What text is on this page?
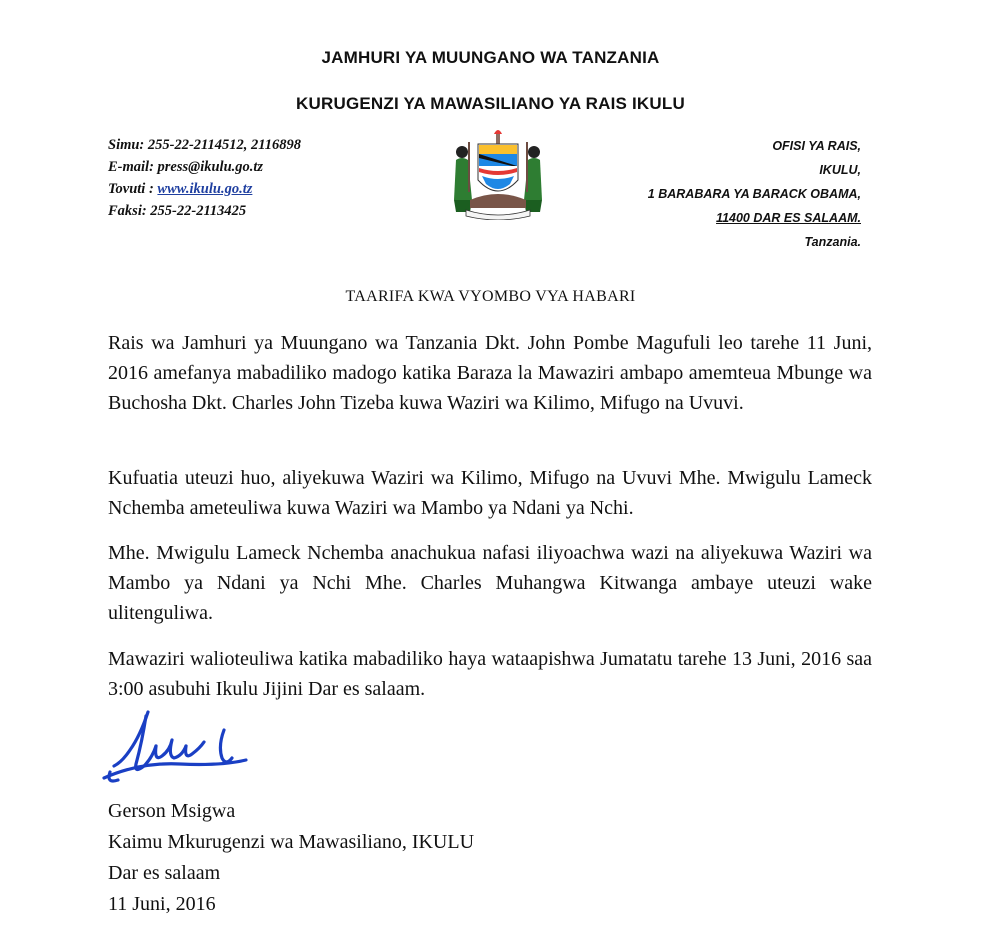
JAMHURI YA MUUNGANO WA TANZANIA
KURUGENZI YA MAWASILIANO YA RAIS IKULU
Simu: 255-22-2114512, 2116898
E-mail: press@ikulu.go.tz
Tovuti : www.ikulu.go.tz
Faksi: 255-22-2113425
OFISI YA RAIS,
IKULU,
1 BARABARA YA BARACK OBAMA,
11400 DAR ES SALAAM.
Tanzania.
TAARIFA KWA VYOMBO VYA HABARI

Rais wa Jamhuri ya Muungano wa Tanzania Dkt. John Pombe Magufuli leo tarehe 11 Juni, 2016 amefanya mabadiliko madogo katika Baraza la Mawaziri ambapo amemteua Mbunge wa Buchosha Dkt. Charles John Tizeba kuwa Waziri wa Kilimo, Mifugo na Uvuvi.

Kufuatia uteuzi huo, aliyekuwa Waziri wa Kilimo, Mifugo na Uvuvi Mhe. Mwigulu Lameck Nchemba ameteuliwa kuwa Waziri wa Mambo ya Ndani ya Nchi.

Mhe. Mwigulu Lameck Nchemba anachukua nafasi iliyoachwa wazi na aliyekuwa Waziri wa Mambo ya Ndani ya Nchi Mhe. Charles Muhangwa Kitwanga ambaye uteuzi wake ulitenguliwa.

Mawaziri walioteuliwa katika mabadiliko haya wataapishwa Jumatatu tarehe 13 Juni, 2016 saa 3:00 asubuhi Ikulu Jijini Dar es salaam.

Gerson Msigwa
Kaimu Mkurugenzi wa Mawasiliano, IKULU
Dar es salaam
11 Juni, 2016
